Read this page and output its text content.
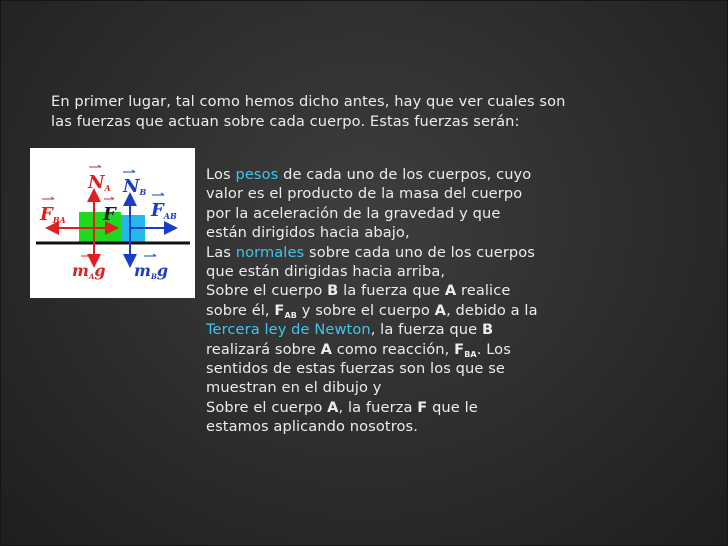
En primer lugar, tal como hemos dicho antes, hay que ver cuales son
las fuerzas que actuan sobre cada cuerpo. Estas fuerzas serán:
NA NB
FBA F FAB
mAg mBg
Los pesos de cada uno de los cuerpos, cuyo
valor es el producto de la masa del cuerpo
por la aceleración de la gravedad y que
están dirigidos hacia abajo,
Las normales sobre cada uno de los cuerpos
que están dirigidas hacia arriba,
Sobre el cuerpo B la fuerza que A realice
sobre él, $F_{AB}$ y sobre el cuerpo A, debido a la
Tercera ley de Newton, la fuerza que B
realizará sobre A como reacción, $F_{BA}$. Los
sentidos de estas fuerzas son los que se
muestran en el dibujo y
Sobre el cuerpo A, la fuerza F que le
estamos aplicando nosotros.
